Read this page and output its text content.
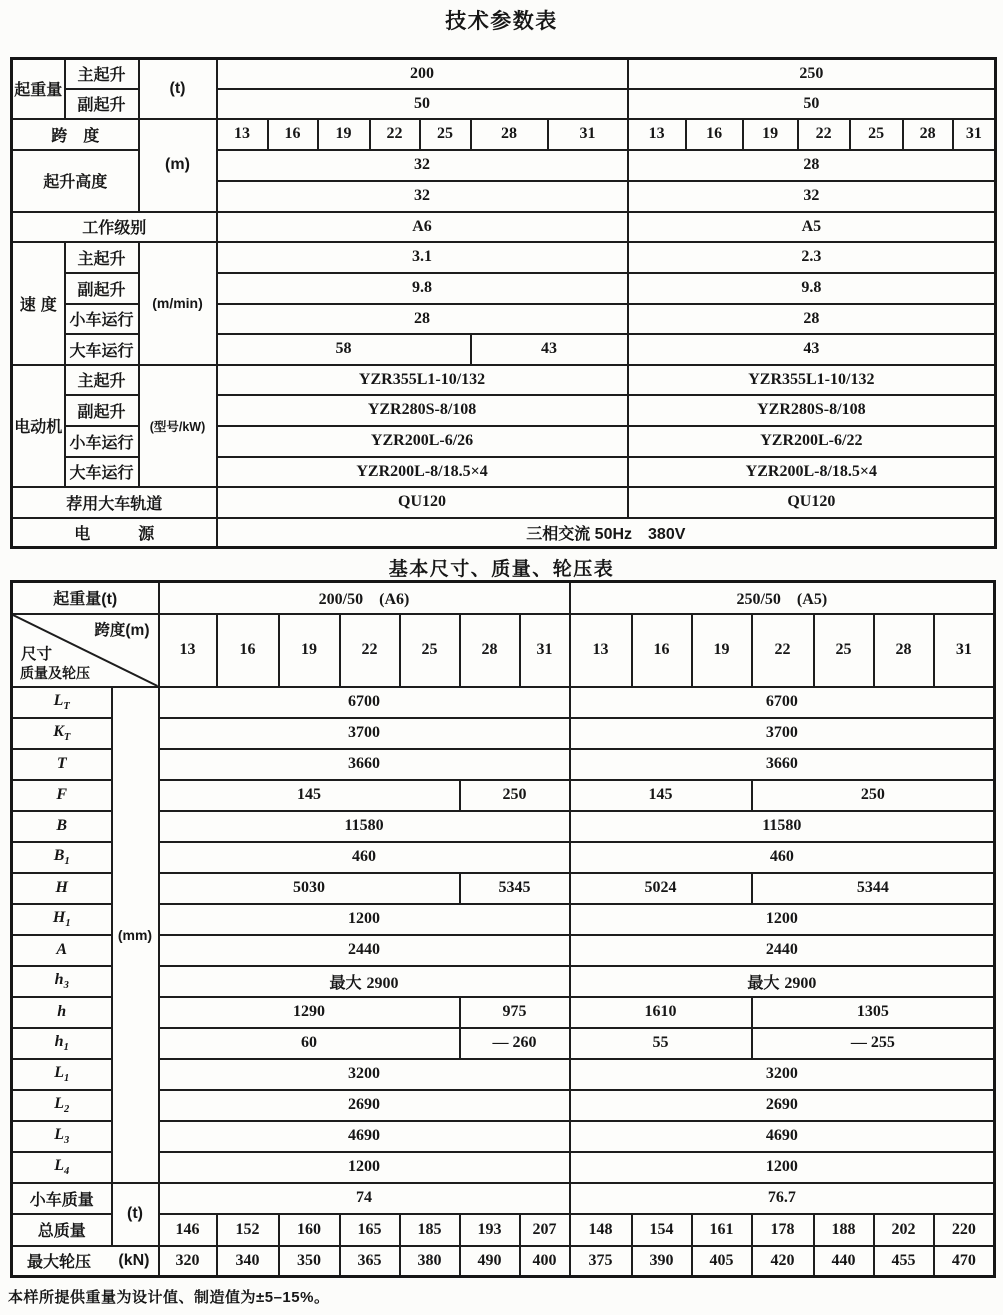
技术参数表
起重量	主起升	(t)	200							250						
	副起升		50							50						
跨　度		(m)	13	16	19	22	25	28	31	13	16	19	22	25	28	31
起升高度			32							28						
			32							32						
工作级别			A6							A5						
速度	主起升	(m/min)	3.1							2.3						
	副起升		9.8							9.8						
	小车运行		28							28						
	大车运行		58					43		43						
电动机	主起升	(型号/kW)	YZR355L1-10/132							YZR355L1-10/132						
	副起升		YZR280S-8/108							YZR280S-8/108						
	小车运行		YZR200L-6/26							YZR200L-6/22						
	大车运行		YZR200L-8/18.5×4							YZR200L-8/18.5×4						
荐用大车轨道			QU120							QU120						
电　　　源			三相交流 50Hz　380V													
基本尺寸、质量、轮压表
起重量(t)		200/50　(A6)							250/50　(A5)						

跨度(m)
尺寸
质量及轮压		13	16	19	22	25	28	31	13	16	19	22	25	28	31
$L_T$	(mm)	6700							6700						
$K_T$		3700							3700						
T		3660							3660						
F		145					250		145			250			
B		11580							11580						
$B_1$		460							460						
H		5030					5345		5024			5344			
$H_1$		1200							1200						
A		2440							2440						
$h_3$		最大 2900							最大 2900						
h		1290					975		1610			1305			
$h_1$		60					— 260		55			— 255			
$L_1$		3200							3200						
$L_2$		2690							2690						
$L_3$		4690							4690						
$L_4$		1200							1200						
小车质量	(t)	74							76.7						
总质量		146	152	160	165	185	193	207	148	154	161	178	188	202	220

最大轮压 (kN)		320	340	350	365	380	490	400	375	390	405	420	440	455	470
本样所提供重量为设计值、制造值为±5–15%。
